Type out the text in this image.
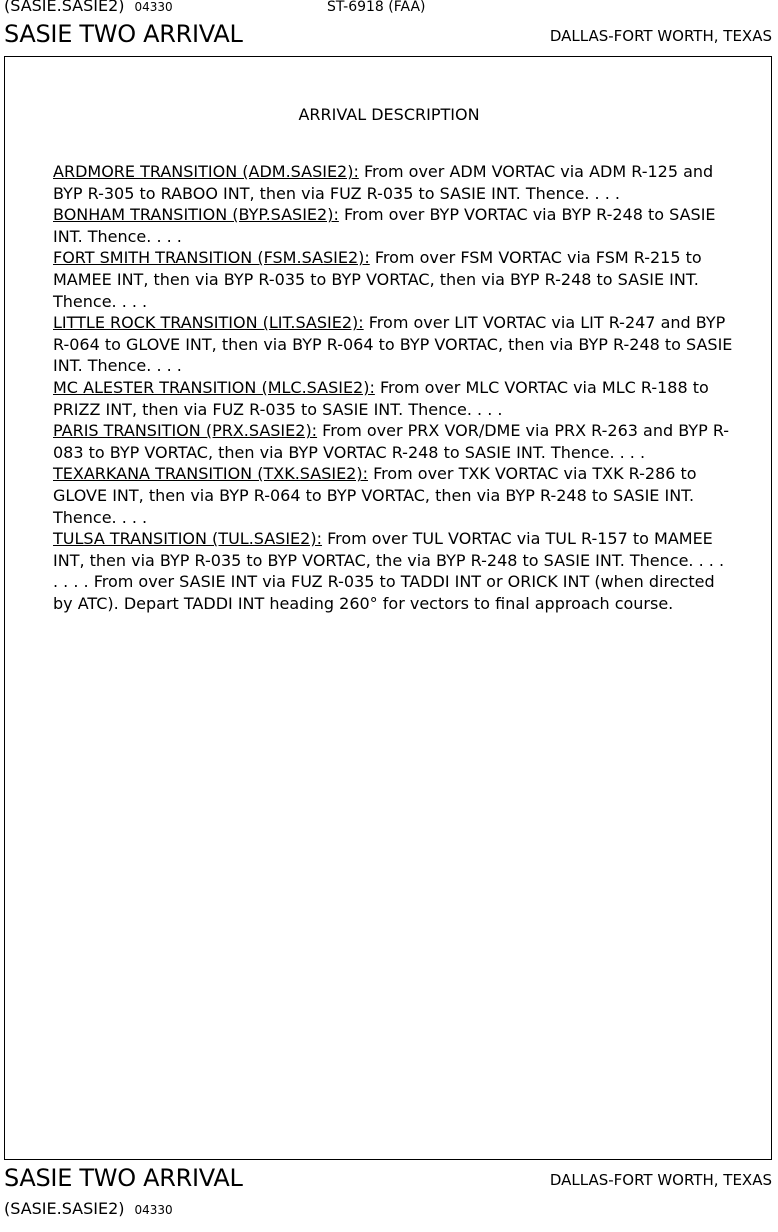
(SASIE.SASIE2) 04330	ST-6918 (FAA)
SASIE TWO ARRIVAL	DALLAS-FORT WORTH, TEXAS
ARRIVAL DESCRIPTION
ARDMORE TRANSITION (ADM.SASIE2): From over ADM VORTAC via ADM R-125 and BYP R-305 to RABOO INT, then via FUZ R-035 to SASIE INT. Thence. . . .
BONHAM TRANSITION (BYP.SASIE2): From over BYP VORTAC via BYP R-248 to SASIE INT. Thence. . . .
FORT SMITH TRANSITION (FSM.SASIE2): From over FSM VORTAC via FSM R-215 to MAMEE INT, then via BYP R-035 to BYP VORTAC, then via BYP R-248 to SASIE INT. Thence. . . .
LITTLE ROCK TRANSITION (LIT.SASIE2): From over LIT VORTAC via LIT R-247 and BYP R-064 to GLOVE INT, then via BYP R-064 to BYP VORTAC, then via BYP R-248 to SASIE INT. Thence. . . .
MC ALESTER TRANSITION (MLC.SASIE2): From over MLC VORTAC via MLC R-188 to PRIZZ INT, then via FUZ R-035 to SASIE INT. Thence. . . .
PARIS TRANSITION (PRX.SASIE2): From over PRX VOR/DME via PRX R-263 and BYP R-083 to BYP VORTAC, then via BYP VORTAC R-248 to SASIE INT. Thence. . . .
TEXARKANA TRANSITION (TXK.SASIE2): From over TXK VORTAC via TXK R-286 to GLOVE INT, then via BYP R-064 to BYP VORTAC, then via BYP R-248 to SASIE INT. Thence. . . .
TULSA TRANSITION (TUL.SASIE2): From over TUL VORTAC via TUL R-157 to MAMEE INT, then via BYP R-035 to BYP VORTAC, the via BYP R-248 to SASIE INT. Thence. . . .
. . . . From over SASIE INT via FUZ R-035 to TADDI INT or ORICK INT (when directed by ATC). Depart TADDI INT heading 260° for vectors to final approach course.
SASIE TWO ARRIVAL	DALLAS-FORT WORTH, TEXAS
(SASIE.SASIE2) 04330
